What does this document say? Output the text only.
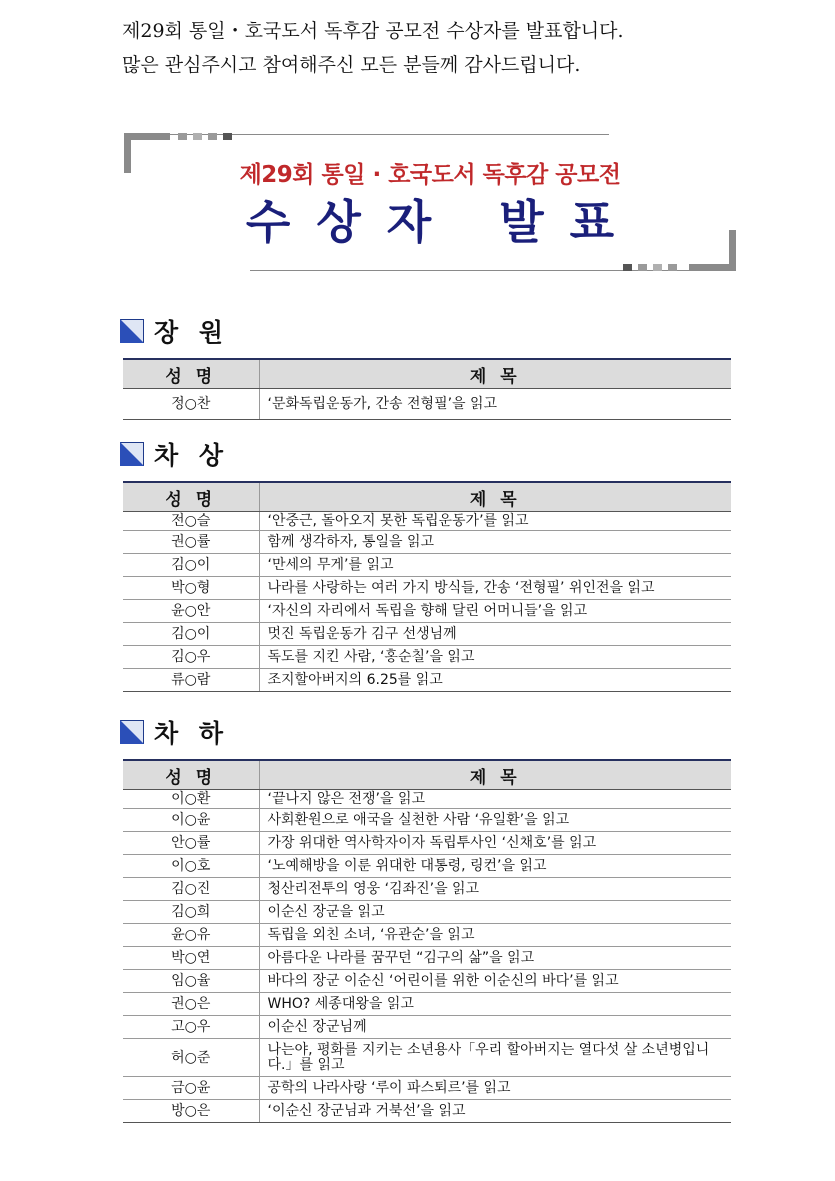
제29회 통일・호국도서 독후감 공모전 수상자를 발표합니다.
많은 관심주시고 참여해주신 모든 분들께 감사드립니다.
제29회 통일 · 호국도서 독후감 공모전
수상자 발표
장 원
성 명	제 목
정○찬	‘문화독립운동가, 간송 전형필’을 읽고
차 상
성 명	제 목
전○슬	‘안중근, 돌아오지 못한 독립운동가’를 읽고
권○률	함께 생각하자, 통일을 읽고
김○이	‘만세의 무게’를 읽고
박○형	나라를 사랑하는 여러 가지 방식들, 간송 ‘전형필’ 위인전을 읽고
윤○안	‘자신의 자리에서 독립을 향해 달린 어머니들’을 읽고
김○이	멋진 독립운동가 김구 선생님께
김○우	독도를 지킨 사람, ‘홍순칠’을 읽고
류○람	조지할아버지의 6.25를 읽고
차 하
성 명	제 목
이○환	‘끝나지 않은 전쟁’을 읽고
이○윤	사회환원으로 애국을 실천한 사람 ‘유일환’을 읽고
안○률	가장 위대한 역사학자이자 독립투사인 ‘신채호’를 읽고
이○호	‘노예해방을 이룬 위대한 대통령, 링컨’을 읽고
김○진	청산리전투의 영웅 ‘김좌진’을 읽고
김○희	이순신 장군을 읽고
윤○유	독립을 외친 소녀, ‘유관순’을 읽고
박○연	아름다운 나라를 꿈꾸던 “김구의 삶”을 읽고
임○율	바다의 장군 이순신 ‘어린이를 위한 이순신의 바다’를 읽고
권○은	WHO? 세종대왕을 읽고
고○우	이순신 장군님께
허○준	나는야, 평화를 지키는 소년용사「우리 할아버지는 열다섯 살 소년병입니다.」를 읽고
금○윤	공학의 나라사랑 ‘루이 파스퇴르’를 읽고
방○은	‘이순신 장군님과 거북선’을 읽고
